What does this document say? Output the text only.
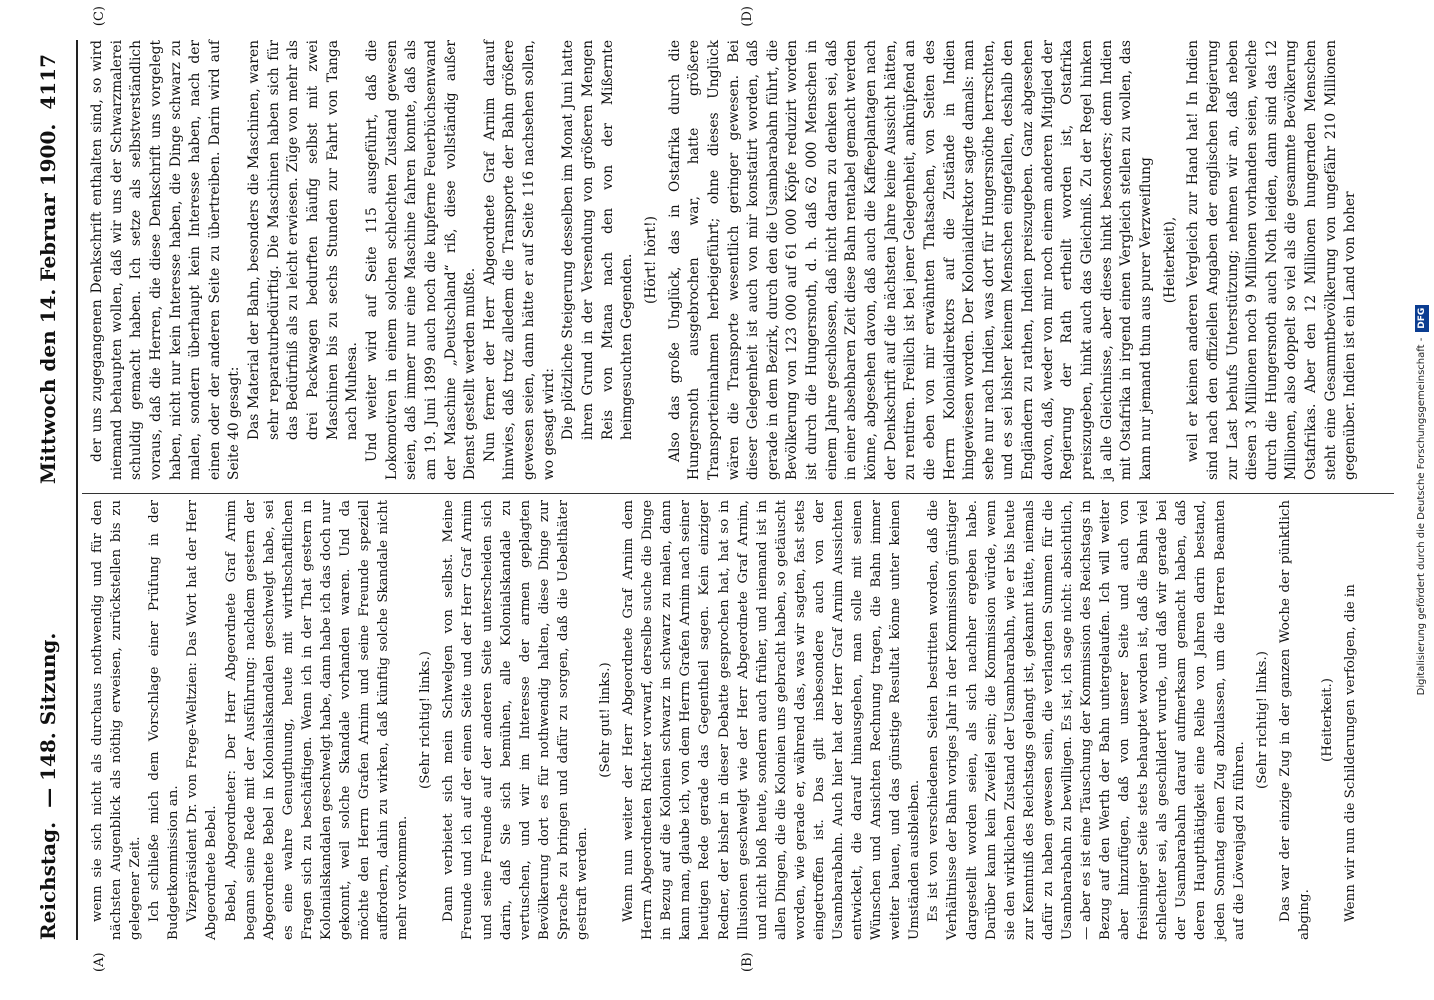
Reichstag.— 148. Sitzung.
Mittwoch den 14. Februar 1900.4117
(A)	(B)
(C)	(D)

wenn sie sich nicht als durchaus nothwendig und für den nächsten Augenblick als nöthig erweisen, zurückstellen bis zu gelegener Zeit. Ich schließe mich dem Vorschlage einer Prüfung in der Budgetkommission an. Vizepräsident Dr. von Frege-Weltzien: Das Wort hat der Herr Abgeordnete Bebel. Bebel, Abgeordneter: Der Herr Abgeordnete Graf Arnim begann seine Rede mit der Ausführung: nachdem gestern der Abgeordnete Bebel in Kolonialskandalen geschwelgt habe, sei es eine wahre Genugthuung, heute mit wirthschaftlichen Fragen sich zu beschäftigen. Wenn ich in der That gestern in Kolonialskandalen geschwelgt habe, dann habe ich das doch nur gekonnt, weil solche Skandale vorhanden waren. Und da möchte den Herrn Grafen Arnim und seine Freunde speziell auffordern, dahin zu wirken, daß künftig solche Skandale nicht mehr vorkommen.

(Sehr richtig! links.) Dann verbietet sich mein Schwelgen von selbst. Meine Freunde und ich auf der einen Seite und der Herr Graf Arnim und seine Freunde auf der anderen Seite unterscheiden sich darin, daß Sie sich bemühen, alle Kolonialskandale zu vertuschen, und wir im Interesse der armen geplagten Bevölkerung dort es für nothwendig halten, diese Dinge zur Sprache zu bringen und dafür zu sorgen, daß die Uebelthäter gestraft werden.

(Sehr gut! links.) Wenn nun weiter der Herr Abgeordnete Graf Arnim dem Herrn Abgeordneten Richter vorwarf, derselbe suche die Dinge in Bezug auf die Kolonien schwarz in schwarz zu malen, dann kann man, glaube ich, von dem Herrn Grafen Arnim nach seiner heutigen Rede gerade das Gegentheil sagen. Kein einziger Redner, der bisher in dieser Debatte gesprochen hat, hat so in Illusionen geschwelgt wie der Herr Abgeordnete Graf Arnim, und nicht bloß heute, sondern auch früher, und niemand ist in allen Dingen, die die Kolonien uns gebracht haben, so getäuscht worden, wie gerade er, während das, was wir sagten, fast stets eingetroffen ist. Das gilt insbesondere auch von der Usambarabahn. Auch hier hat der Herr Graf Arnim Aussichten entwickelt, die darauf hinausgehen, man solle mit seinen Wünschen und Ansichten Rechnung tragen, die Bahn immer weiter bauen, und das günstige Resultat könne unter keinen Umständen ausbleiben. Es ist von verschiedenen Seiten bestritten worden, daß die Verhältnisse der Bahn voriges Jahr in der Kommission günstiger dargestellt worden seien, als sich nachher ergeben habe. Darüber kann kein Zweifel sein; die Kommission würde, wenn sie den wirklichen Zustand der Usambarabahn, wie er bis heute zur Kenntniß des Reichstags gelangt ist, gekannt hätte, niemals dafür zu haben gewesen sein, die verlangten Summen für die Usambarabahn zu bewilligen. Es ist, ich sage nicht: absichtlich, — aber es ist eine Täuschung der Kommission des Reichstags in Bezug auf den Werth der Bahn untergelaufen. Ich will weiter aber hinzufügen, daß von unserer Seite und auch von freisinniger Seite stets behauptet worden ist, daß die Bahn viel schlechter sei, als geschildert wurde, und daß wir gerade bei der Usambarabahn darauf aufmerksam gemacht haben, daß deren Hauptthätigkeit eine Reihe von Jahren darin bestand, jeden Sonntag einen Zug abzulassen, um die Herren Beamten auf die Löwenjagd zu führen.

(Sehr richtig! links.) Das war der einzige Zug in der ganzen Woche der pünktlich abging.

(Heiterkeit.) Wenn wir nun die Schilderungen verfolgen, die in

der uns zugegangenen Denkschrift enthalten sind, so wird niemand behaupten wollen, daß wir uns der Schwarzmalerei schuldig gemacht haben. Ich setze als selbstverständlich voraus, daß die Herren, die diese Denkschrift uns vorgelegt haben, nicht nur kein Interesse haben, die Dinge schwarz zu malen, sondern überhaupt kein Interesse haben, nach der einen oder der anderen Seite zu übertreiben. Darin wird auf Seite 40 gesagt: Das Material der Bahn, besonders die Maschinen, waren sehr reparaturbedürftig. Die Maschinen haben sich für das Bedürfniß als zu leicht erwiesen. Züge von mehr als drei Packwagen bedurften häufig selbst mit zwei Maschinen bis zu sechs Stunden zur Fahrt von Tanga nach Muhesa. Und weiter wird auf Seite 115 ausgeführt, daß die Lokomotiven in einem solchen schlechten Zustand gewesen seien, daß immer nur eine Maschine fahren konnte, daß als am 19. Juni 1899 auch noch die kupferne Feuerbüchsenwand der Maschine „Deutschland“ riß, diese vollständig außer Dienst gestellt werden mußte. Nun ferner der Herr Abgeordnete Graf Arnim darauf hinwies, daß trotz alledem die Transporte der Bahn größere gewesen seien, dann hätte er auf Seite 116 nachsehen sollen, wo gesagt wird: Die plötzliche Steigerung desselben im Monat Juni hatte ihren Grund in der Versendung von größeren Mengen Reis von Mtana nach den von der Mißernte heimgesuchten Gegenden. (Hört! hört!) Also das große Unglück, das in Ostafrika durch die Hungersnoth ausgebrochen war, hatte größere Transporteinnahmen herbeigeführt; ohne dieses Unglück wären die Transporte wesentlich geringer gewesen. Bei dieser Gelegenheit ist auch von mir konstatirt worden, daß gerade in dem Bezirk, durch den die Usambarabahn führt, die Bevölkerung von 123 000 auf 61 000 Köpfe reduzirt worden ist durch die Hungersnoth, d. h. daß 62 000 Menschen in einem Jahre geschlossen, daß nicht daran zu denken sei, daß in einer absehbaren Zeit diese Bahn rentabel gemacht werden könne, abgesehen davon, daß auch die Kaffeeplantagen nach der Denkschrift auf die nächsten Jahre keine Aussicht hätten, zu rentiren. Freilich ist bei jener Gelegenheit, anknüpfend an die eben von mir erwähnten Thatsachen, von Seiten des Herrn Kolonialdirektors auf die Zustände in Indien hingewiesen worden. Der Kolonialdirektor sagte damals: man sehe nur nach Indien, was dort für Hungersnöthe herrschten, und es sei bisher keinem Menschen eingefallen, deshalb den Engländern zu rathen, Indien preiszugeben. Ganz abgesehen davon, daß, weder von mir noch einem anderen Mitglied der Regierung der Rath ertheilt worden ist, Ostafrika preiszugeben, hinkt auch das Gleichniß. Zu der Regel hinken ja alle Gleichnisse, aber dieses hinkt besonders; denn Indien mit Ostafrika in irgend einen Vergleich stellen zu wollen, das kann nur jemand thun aus purer Verzweiflung (Heiterkeit), weil er keinen anderen Vergleich zur Hand hat! In Indien sind nach den offiziellen Angaben der englischen Regierung zur Last behufs Unterstützung; nehmen wir an, daß neben diesen 3 Millionen noch 9 Millionen vorhanden seien, welche durch die Hungersnoth auch Noth leiden, dann sind das 12 Millionen, also doppelt so viel als die gesammte Bevölkerung Ostafrikas. Aber den 12 Millionen hungernden Menschen steht eine Gesammtbevölkerung von ungefähr 210 Millionen gegenüber. Indien ist ein Land von hoher

Digitalisierung gefördert durch die Deutsche Forschungsgemeinschaft -DFG
